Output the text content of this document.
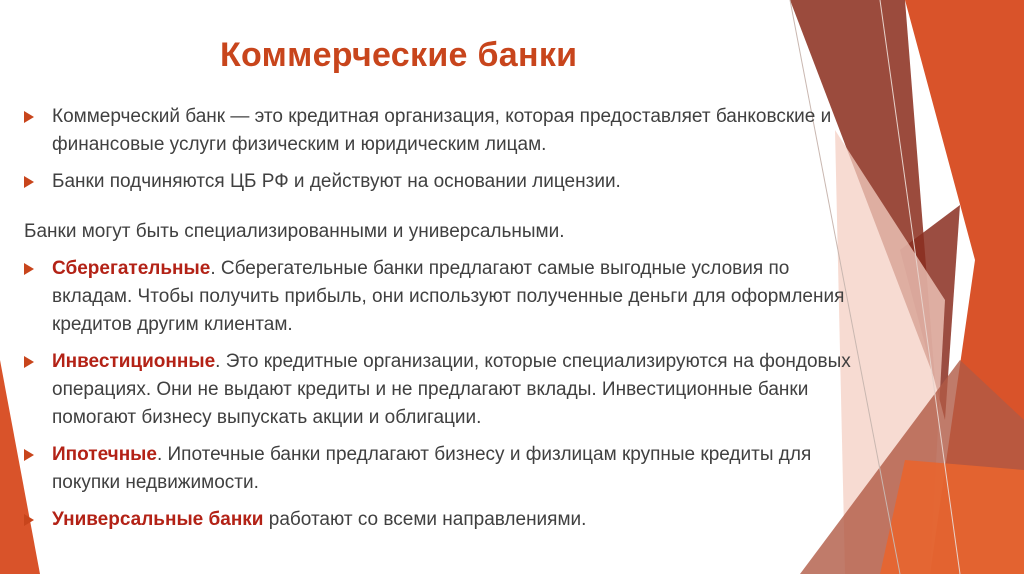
Коммерческие банки
Коммерческий банк — это кредитная организация, которая предоставляет банковские и финансовые услуги физическим и юридическим лицам.
Банки подчиняются ЦБ РФ и действуют на основании лицензии.
Банки могут быть специализированными и универсальными.
Сберегательные. Сберегательные банки предлагают самые выгодные условия по вкладам. Чтобы получить прибыль, они используют полученные деньги для оформления кредитов другим клиентам.
Инвестиционные. Это кредитные организации, которые специализируются на фондовых операциях. Они не выдают кредиты и не предлагают вклады. Инвестиционные банки помогают бизнесу выпускать акции и облигации.
Ипотечные. Ипотечные банки предлагают бизнесу и физлицам крупные кредиты для покупки недвижимости.
Универсальные банки работают со всеми направлениями.
